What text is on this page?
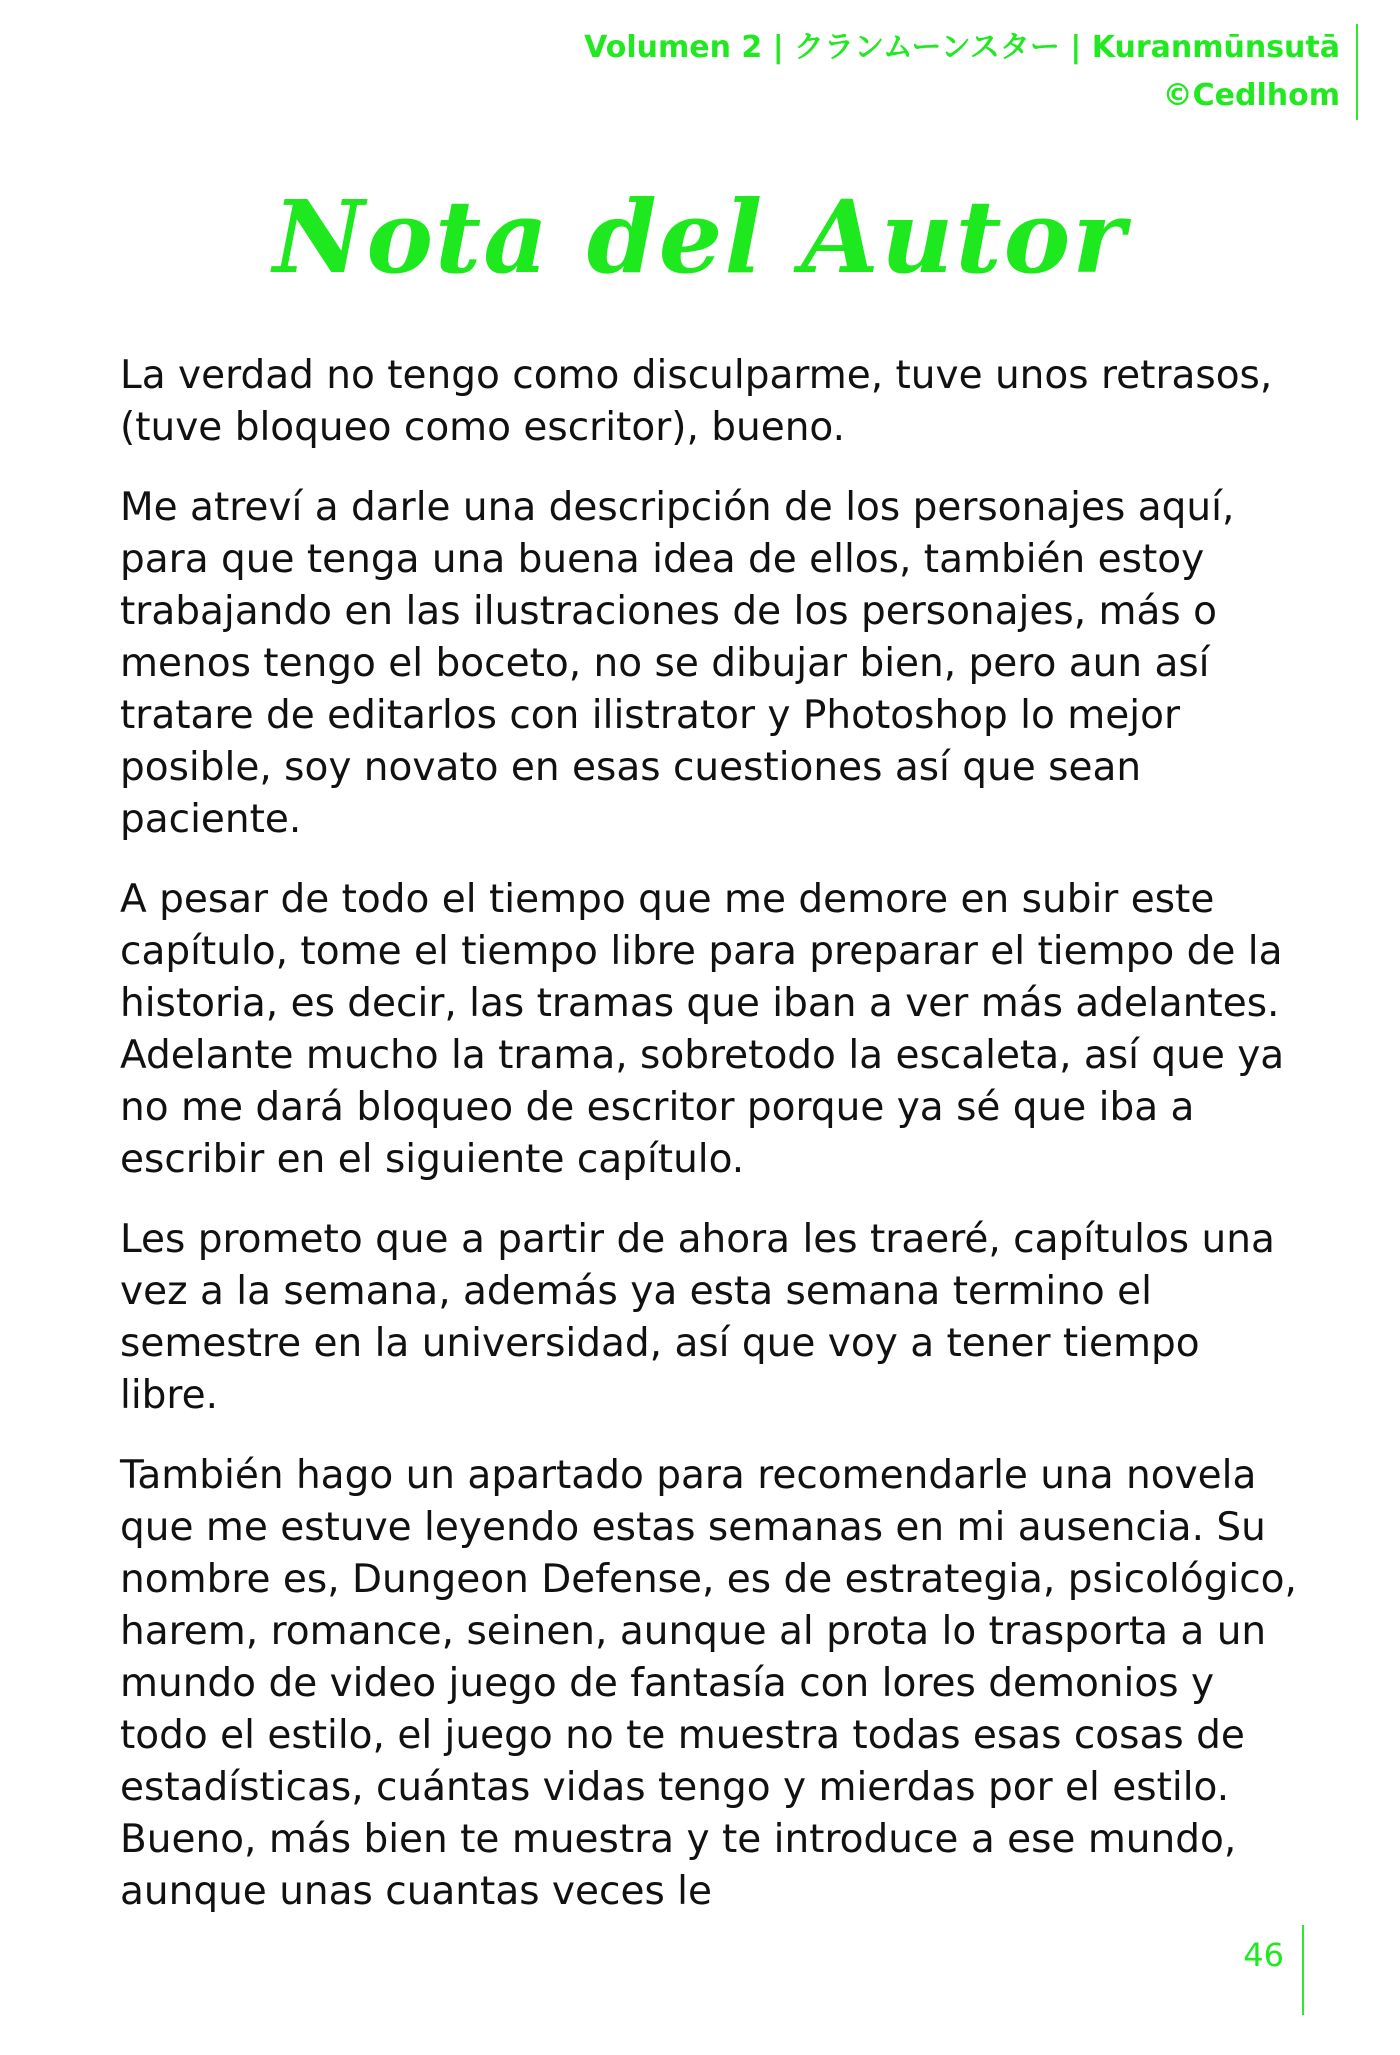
Volumen 2 | クランムーンスター | Kuranmūnsutā
©Cedlhom
Nota del Autor

La verdad no tengo como disculparme, tuve unos retrasos, (tuve bloqueo como escritor), bueno.

Me atreví a darle una descripción de los personajes aquí, para que tenga una buena idea de ellos, también estoy trabajando en las ilustraciones de los personajes, más o menos tengo el boceto, no se dibujar bien, pero aun así tratare de editarlos con ilistrator y Photoshop lo mejor posible, soy novato en esas cuestiones así que sean paciente.

A pesar de todo el tiempo que me demore en subir este capítulo, tome el tiempo libre para preparar el tiempo de la historia, es decir, las tramas que iban a ver más adelantes. Adelante mucho la trama, sobretodo la escaleta, así que ya no me dará bloqueo de escritor porque ya sé que iba a escribir en el siguiente capítulo.

Les prometo que a partir de ahora les traeré, capítulos una vez a la semana, además ya esta semana termino el semestre en la universidad, así que voy a tener tiempo libre.

También hago un apartado para recomendarle una novela que me estuve leyendo estas semanas en mi ausencia. Su nombre es, Dungeon Defense, es de estrategia, psicológico, harem, romance, seinen, aunque al prota lo trasporta a un mundo de video juego de fantasía con lores demonios y todo el estilo, el juego no te muestra todas esas cosas de estadísticas, cuántas vidas tengo y mierdas por el estilo. Bueno, más bien te muestra y te introduce a ese mundo, aunque unas cuantas veces le

46
